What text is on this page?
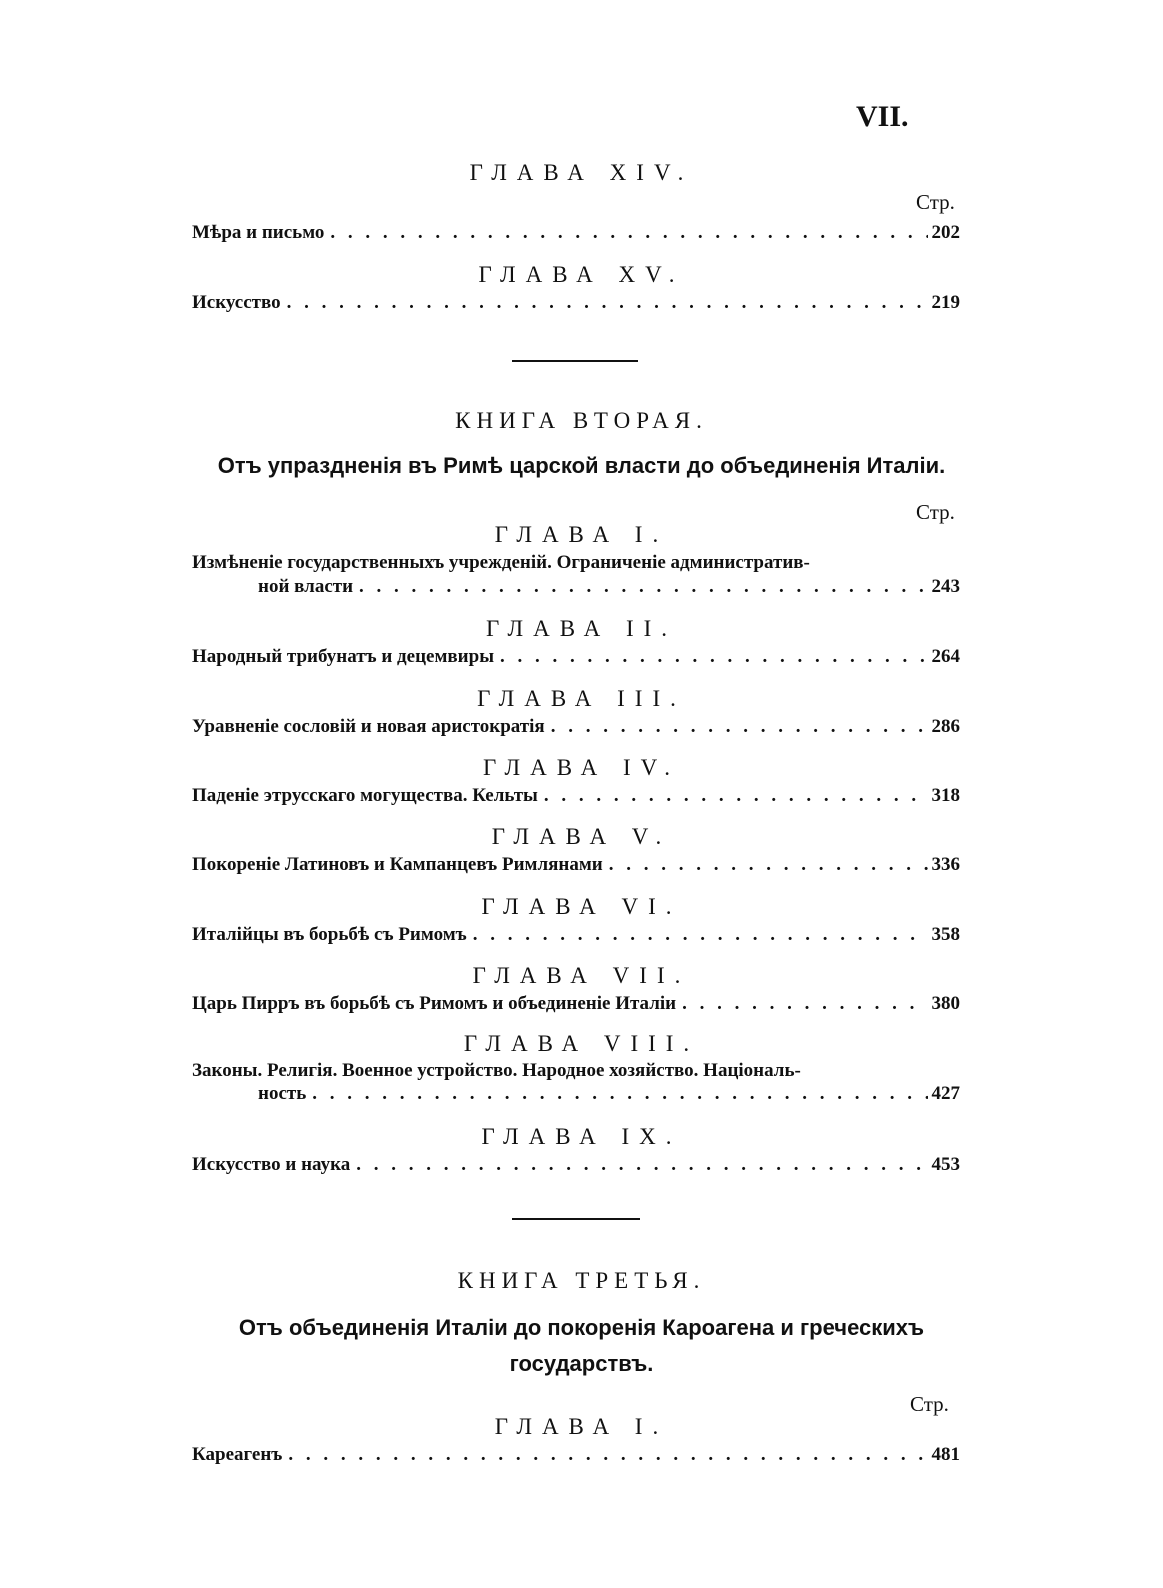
VII.
ГЛАВА XIV.
Стр.
Мѣра и письмо . . .	202
ГЛАВА XV.
Искусство . . .	219
КНИГА ВТОРАЯ.
Отъ упраздненія въ Римѣ царской власти до объединенія Италіи.
Стр.
ГЛАВА I.
Измѣненіе государственныхъ учрежденій. Ограниченіе административ-
ной власти . . .	243
ГЛАВА II.
Народный трибунатъ и децемвиры . . .	264
ГЛАВА III.
Уравненіе сословій и новая аристократія . . .	286
ГЛАВА IV.
Паденіе этрусскаго могущества. Кельты . . .	318
ГЛАВА V.
Покореніе Латиновъ и Кампанцевъ Римлянами . . .	336
ГЛАВА VI.
Италійцы въ борьбѣ съ Римомъ . . .	358
ГЛАВА VII.
Царь Пирръ въ борьбѣ съ Римомъ и объединеніе Италіи . . .	380
ГЛАВА VIII.
Законы. Религія. Военное устройство. Народное хозяйство. Національ-
ность . . .	427
ГЛАВА IX.
Искусство и наука . . .	453
КНИГА ТРЕТЬЯ.
Отъ объединенія Италіи до покоренія Кароагена и греческихъ
государствъ.
Стр.
ГЛАВА I.
Кареагенъ . . .	481
